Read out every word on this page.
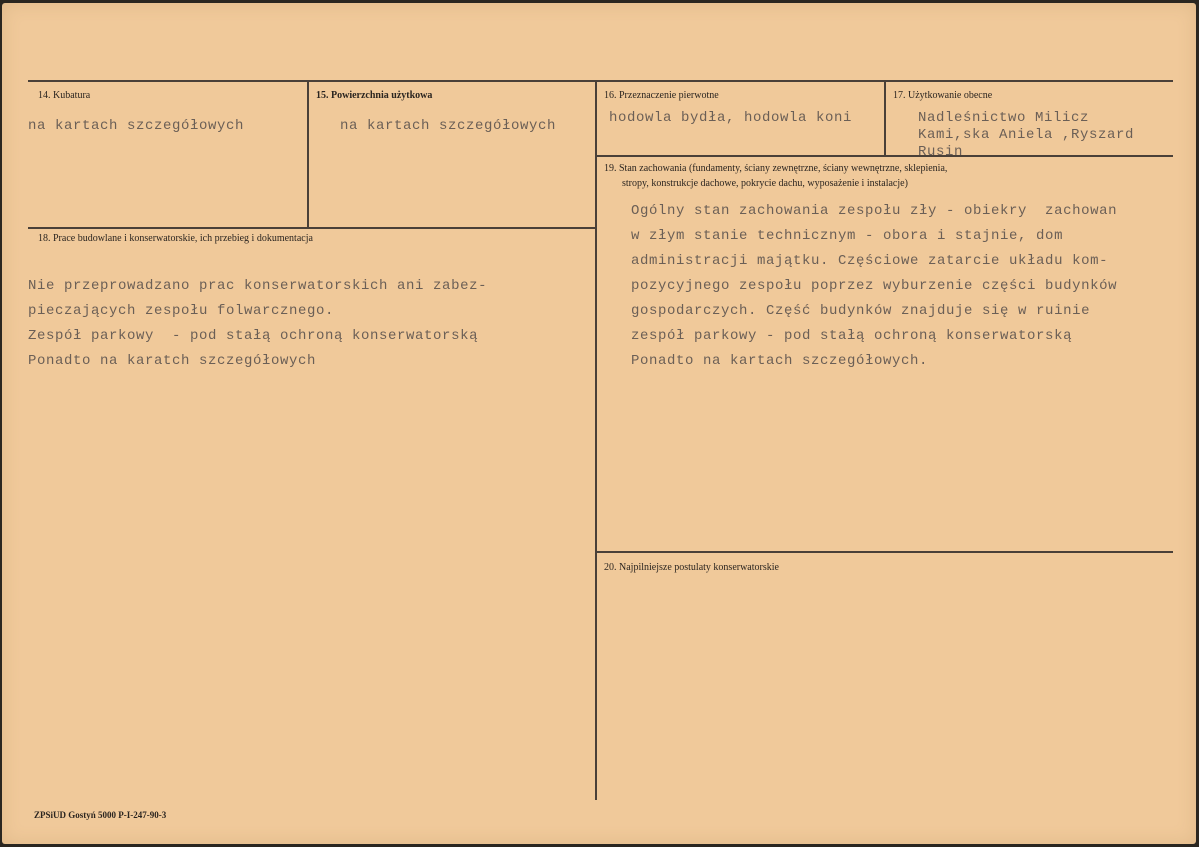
14. Kubatura
na kartach szczegółowych
15. Powierzchnia użytkowa
na kartach szczegółowych
16. Przeznaczenie pierwotne
hodowla bydła, hodowla koni
17. Użytkowanie obecne
Nadleśnictwo Milicz
Kami,ska Aniela ,Ryszard
Rusin
18. Prace budowlane i konserwatorskie, ich przebieg i dokumentacja
Nie przeprowadzano prac konserwatorskich ani zabez-
pieczających zespołu folwarcznego.
Zespół parkowy  - pod stałą ochroną konserwatorską
Ponadto na karatch szczegółowych
19. Stan zachowania (fundamenty, ściany zewnętrzne, ściany wewnętrzne, sklepienia,
stropy, konstrukcje dachowe, pokrycie dachu, wyposażenie i instalacje)
Ogólny stan zachowania zespołu zły - obiekry  zachowan
w złym stanie technicznym - obora i stajnie, dom
administracji majątku. Częściowe zatarcie układu kom-
pozycyjnego zespołu poprzez wyburzenie części budynków
gospodarczych. Część budynków znajduje się w ruinie
zespół parkowy - pod stałą ochroną konserwatorską
Ponadto na kartach szczegółowych.
20. Najpilniejsze postulaty konserwatorskie
ZPSiUD Gostyń 5000 P-I-247-90-3
